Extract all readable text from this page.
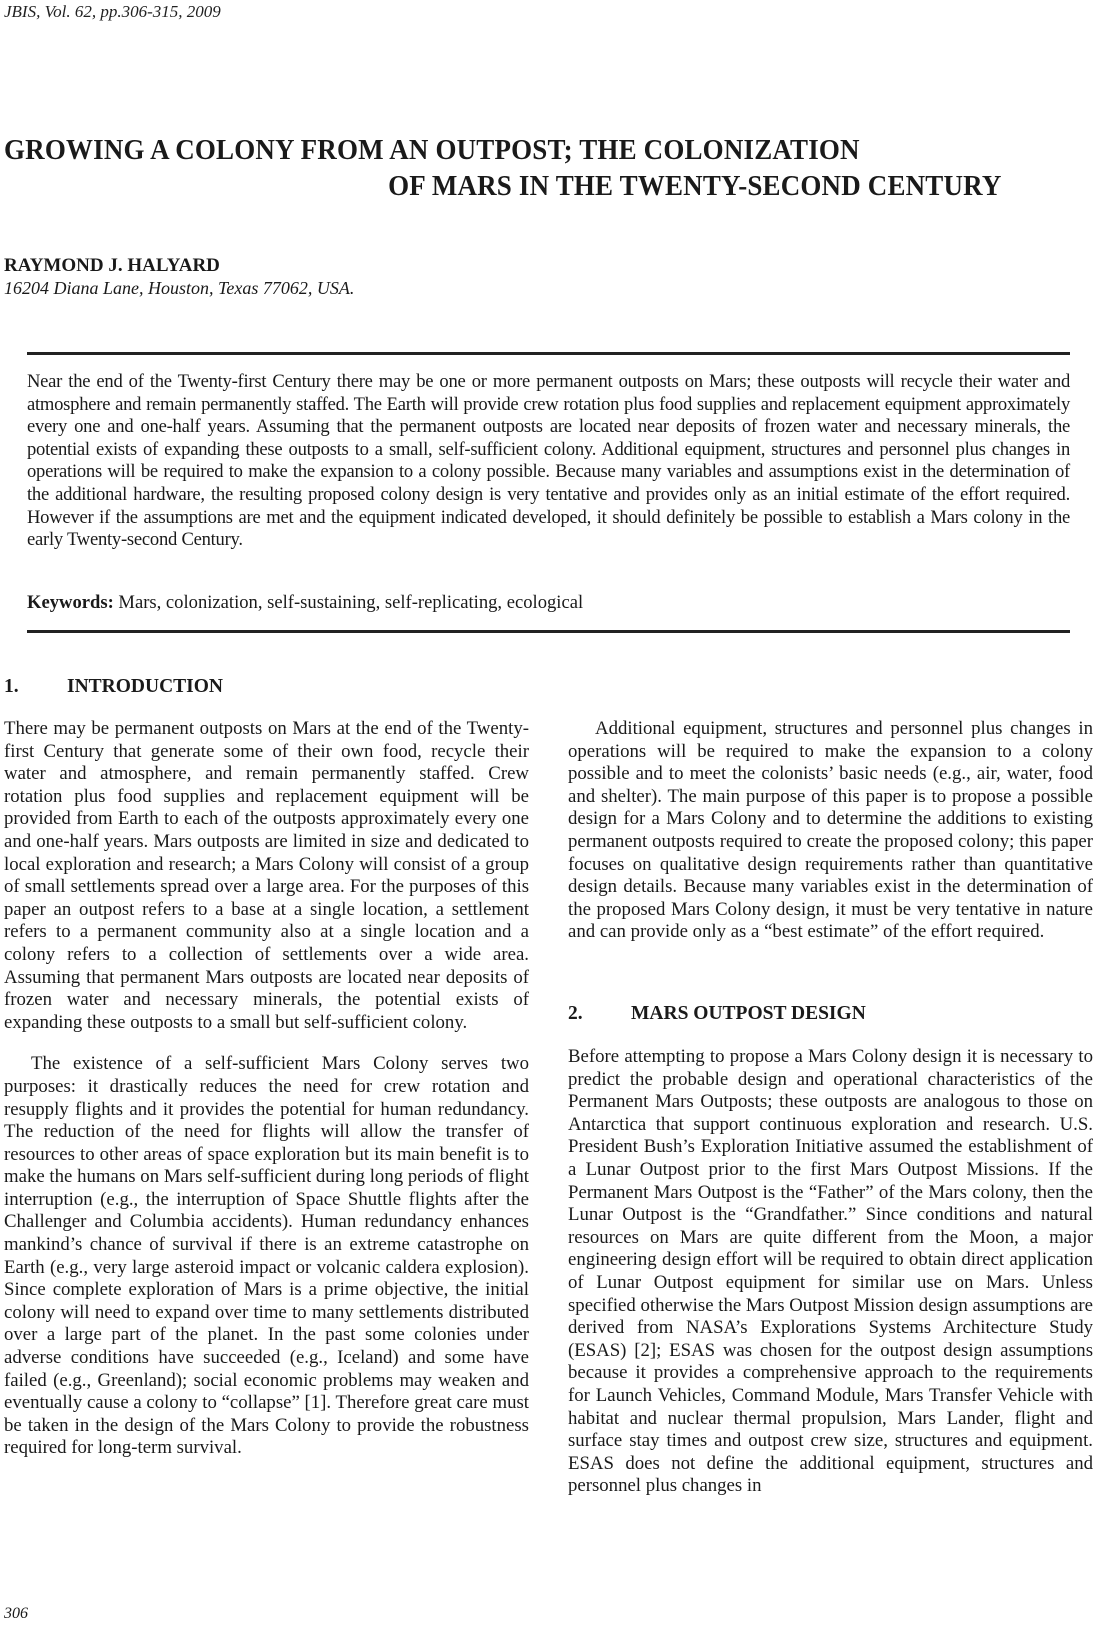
JBIS, Vol. 62, pp.306-315, 2009
GROWING A COLONY FROM AN OUTPOST; THE COLONIZATION
OF MARS IN THE TWENTY-SECOND CENTURY
RAYMOND J. HALYARD
16204 Diana Lane, Houston, Texas 77062, USA.
Near the end of the Twenty-first Century there may be one or more permanent outposts on Mars; these outposts will recycle their water and atmosphere and remain permanently staffed. The Earth will provide crew rotation plus food supplies and replacement equipment approximately every one and one-half years. Assuming that the permanent outposts are located near deposits of frozen water and necessary minerals, the potential exists of expanding these outposts to a small, self-sufficient colony. Additional equipment, structures and personnel plus changes in operations will be required to make the expansion to a colony possible. Because many variables and assumptions exist in the determination of the additional hardware, the resulting proposed colony design is very tentative and provides only as an initial estimate of the effort required. However if the assumptions are met and the equipment indicated developed, it should definitely be possible to establish a Mars colony in the early Twenty-second Century.
Keywords: Mars, colonization, self-sustaining, self-replicating, ecological
1. INTRODUCTION

There may be permanent outposts on Mars at the end of the Twenty-first Century that generate some of their own food, recycle their water and atmosphere, and remain permanently staffed. Crew rotation plus food supplies and replacement equipment will be provided from Earth to each of the outposts approximately every one and one-half years. Mars outposts are limited in size and dedicated to local exploration and research; a Mars Colony will consist of a group of small settlements spread over a large area. For the purposes of this paper an outpost refers to a base at a single location, a settlement refers to a permanent community also at a single location and a colony refers to a collection of settlements over a wide area. Assuming that permanent Mars outposts are located near deposits of frozen water and necessary minerals, the potential exists of expanding these outposts to a small but self-sufficient colony.

The existence of a self-sufficient Mars Colony serves two purposes: it drastically reduces the need for crew rotation and resupply flights and it provides the potential for human redundancy. The reduction of the need for flights will allow the transfer of resources to other areas of space exploration but its main benefit is to make the humans on Mars self-sufficient during long periods of flight interruption (e.g., the interruption of Space Shuttle flights after the Challenger and Columbia accidents). Human redundancy enhances mankind’s chance of survival if there is an extreme catastrophe on Earth (e.g., very large asteroid impact or volcanic caldera explosion). Since complete exploration of Mars is a prime objective, the initial colony will need to expand over time to many settlements distributed over a large part of the planet. In the past some colonies under adverse conditions have succeeded (e.g., Iceland) and some have failed (e.g., Greenland); social economic problems may weaken and eventually cause a colony to “collapse” [1]. Therefore great care must be taken in the design of the Mars Colony to provide the robustness required for long-term survival.

Additional equipment, structures and personnel plus changes in operations will be required to make the expansion to a colony possible and to meet the colonists’ basic needs (e.g., air, water, food and shelter). The main purpose of this paper is to propose a possible design for a Mars Colony and to determine the additions to existing permanent outposts required to create the proposed colony; this paper focuses on qualitative design requirements rather than quantitative design details. Because many variables exist in the determination of the proposed Mars Colony design, it must be very tentative in nature and can provide only as a “best estimate” of the effort required.

2. MARS OUTPOST DESIGN

Before attempting to propose a Mars Colony design it is necessary to predict the probable design and operational characteristics of the Permanent Mars Outposts; these outposts are analogous to those on Antarctica that support continuous exploration and research. U.S. President Bush’s Exploration Initiative assumed the establishment of a Lunar Outpost prior to the first Mars Outpost Missions. If the Permanent Mars Outpost is the “Father” of the Mars colony, then the Lunar Outpost is the “Grandfather.” Since conditions and natural resources on Mars are quite different from the Moon, a major engineering design effort will be required to obtain direct application of Lunar Outpost equipment for similar use on Mars. Unless specified otherwise the Mars Outpost Mission design assumptions are derived from NASA’s Explorations Systems Architecture Study (ESAS) [2]; ESAS was chosen for the outpost design assumptions because it provides a comprehensive approach to the requirements for Launch Vehicles, Command Module, Mars Transfer Vehicle with habitat and nuclear thermal propulsion, Mars Lander, flight and surface stay times and outpost crew size, structures and equipment. ESAS does not define the additional equipment, structures and personnel plus changes in

306
